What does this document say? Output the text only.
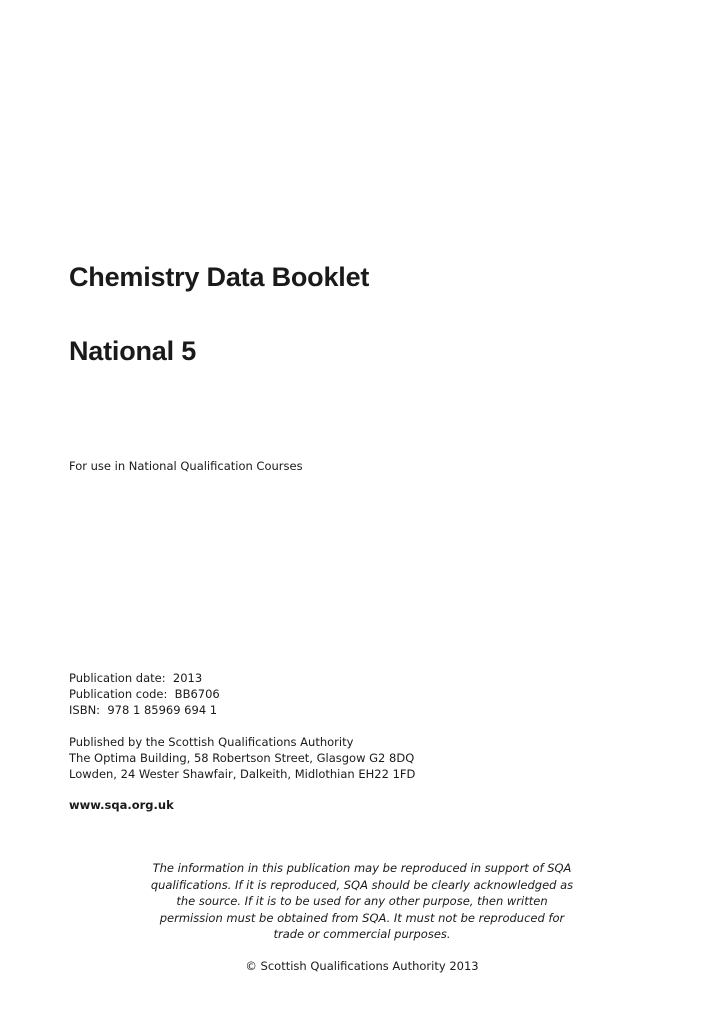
Chemistry Data Booklet
National 5
For use in National Qualification Courses
Publication date:  2013
Publication code:  BB6706
ISBN:  978 1 85969 694 1
Published by the Scottish Qualifications Authority
The Optima Building, 58 Robertson Street, Glasgow G2 8DQ
Lowden, 24 Wester Shawfair, Dalkeith, Midlothian EH22 1FD
www.sqa.org.uk
The information in this publication may be reproduced in support of SQA
qualifications. If it is reproduced, SQA should be clearly acknowledged as
the source. If it is to be used for any other purpose, then written
permission must be obtained from SQA. It must not be reproduced for
trade or commercial purposes.
© Scottish Qualifications Authority 2013
